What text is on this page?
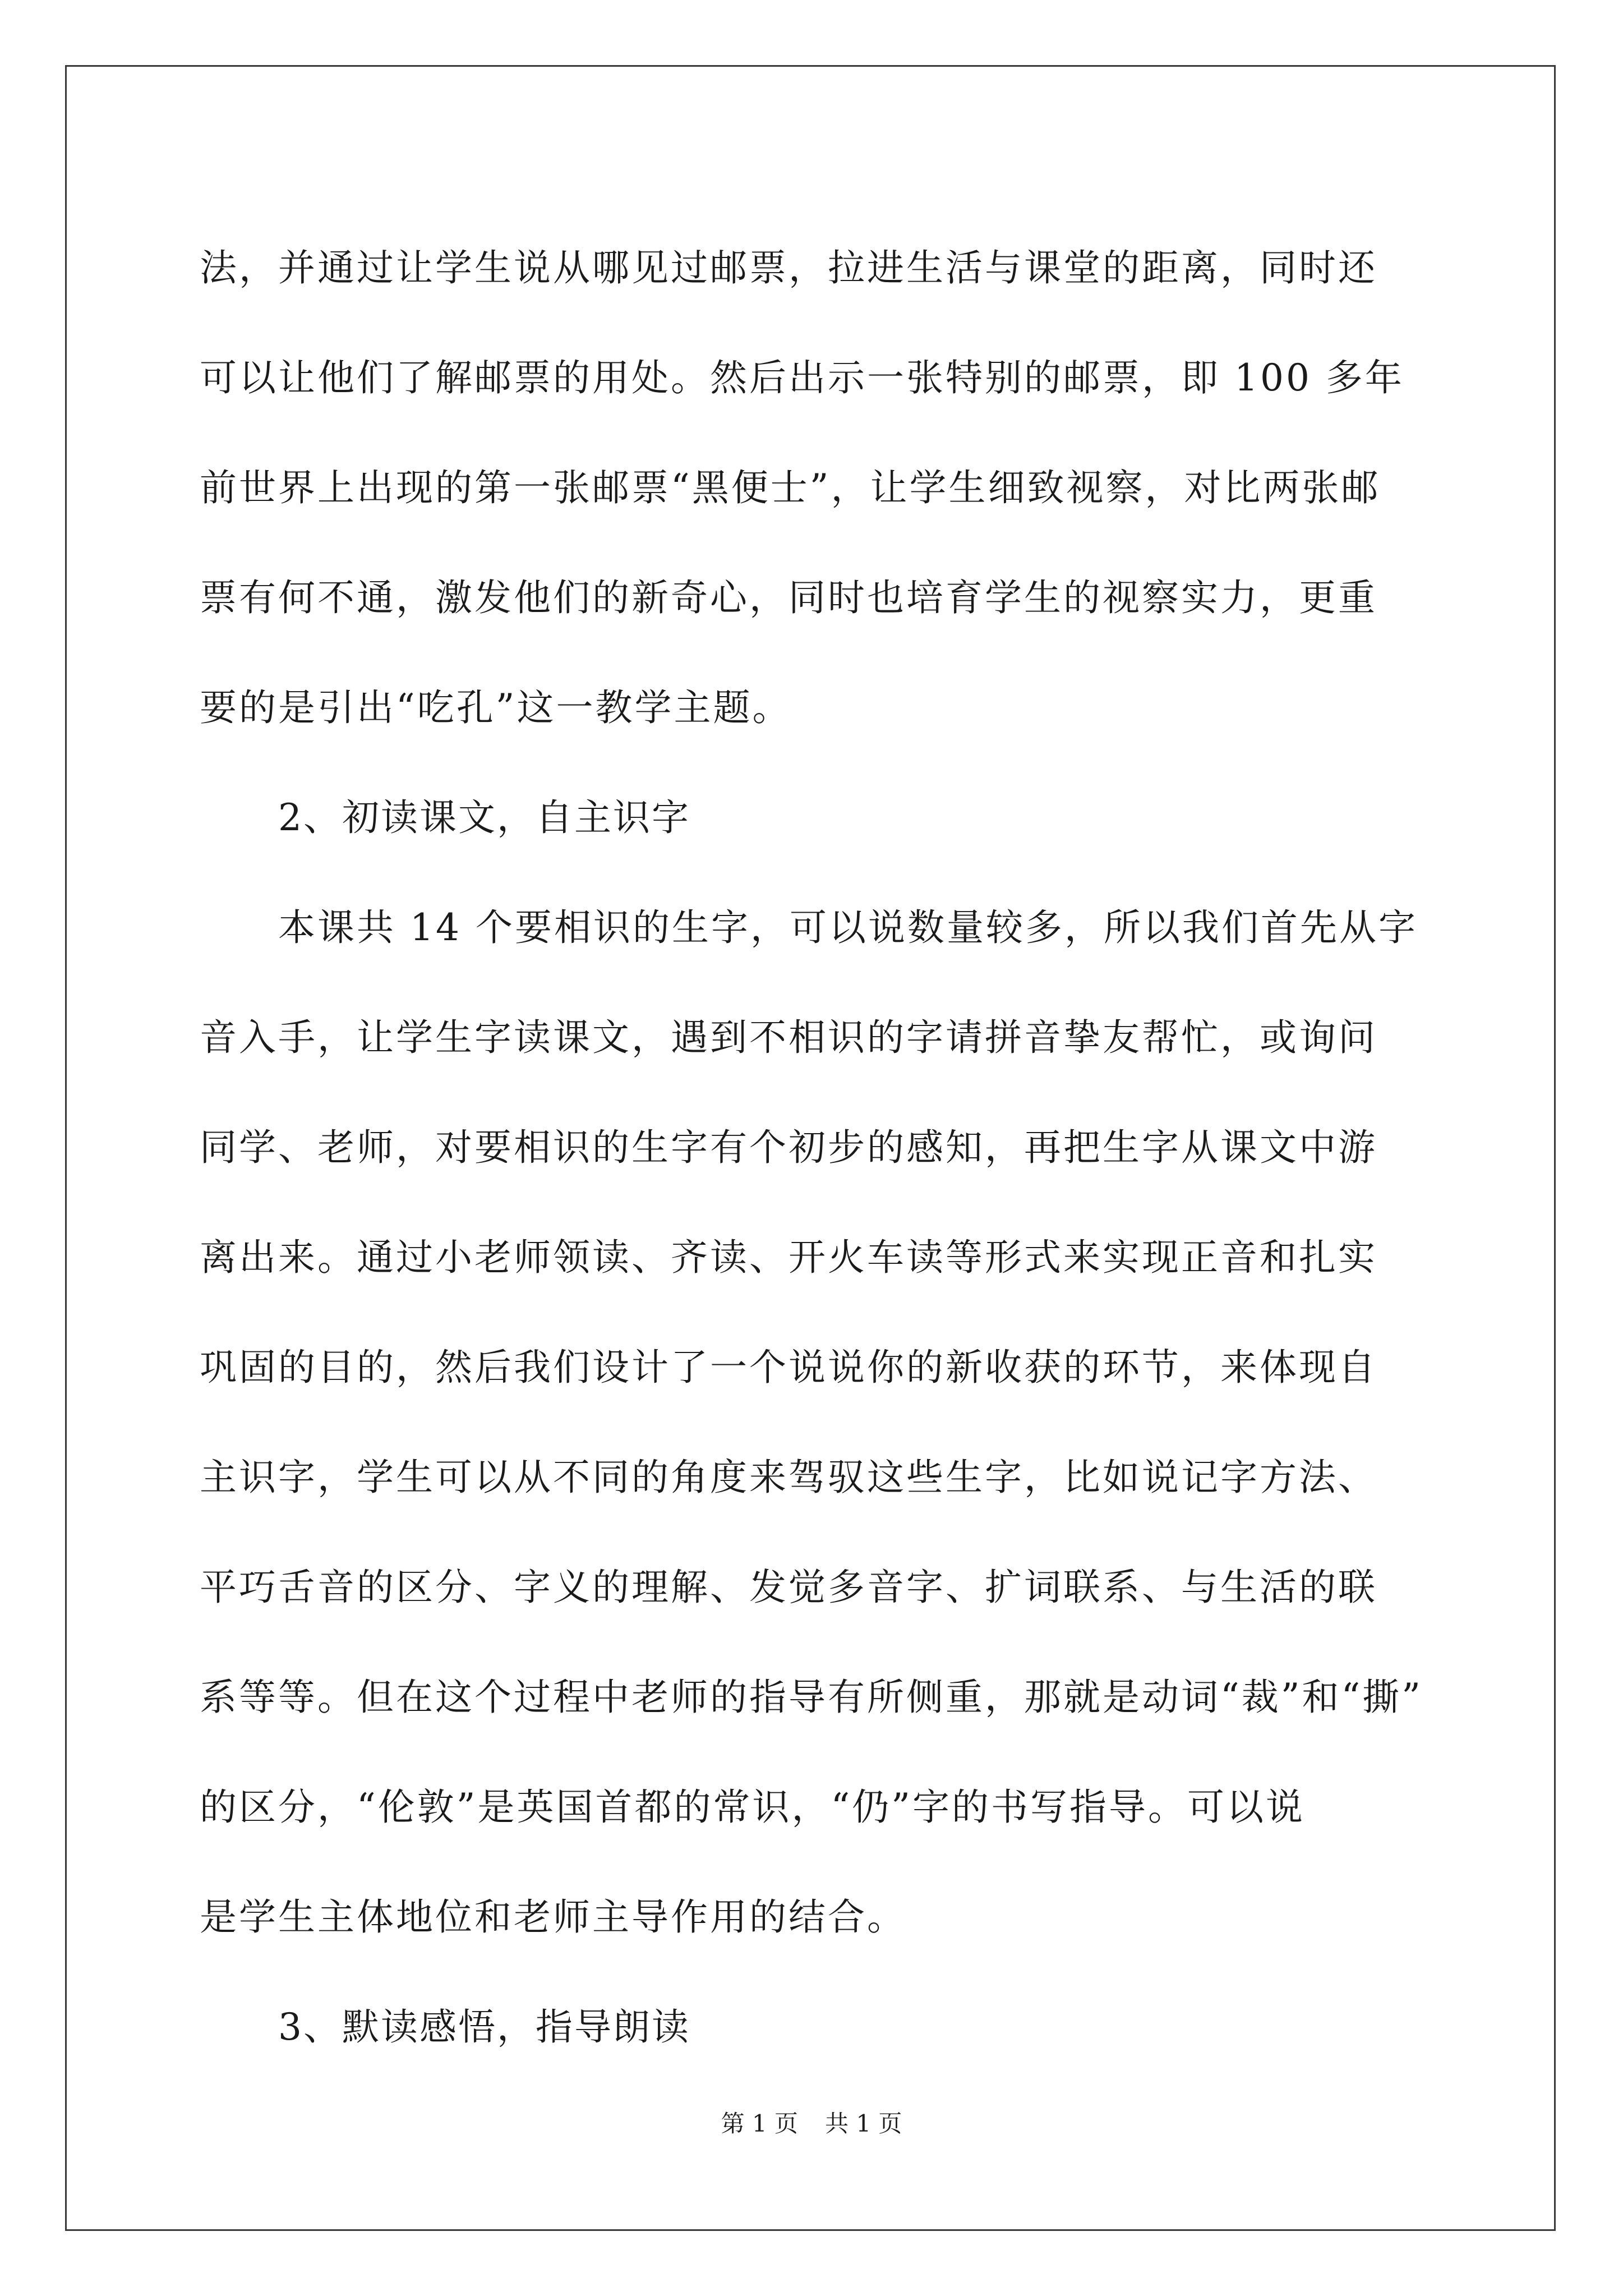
法，并通过让学生说从哪见过邮票，拉进生活与课堂的距离，同时还
可以让他们了解邮票的用处。然后出示一张特别的邮票，即 100 多年
前世界上出现的第一张邮票“黑便士”，让学生细致视察，对比两张邮
票有何不通，激发他们的新奇心，同时也培育学生的视察实力，更重
要的是引出“吃孔”这一教学主题。
2、初读课文，自主识字
本课共 14 个要相识的生字，可以说数量较多，所以我们首先从字
音入手，让学生字读课文，遇到不相识的字请拼音挚友帮忙，或询问
同学、老师，对要相识的生字有个初步的感知，再把生字从课文中游
离出来。通过小老师领读、齐读、开火车读等形式来实现正音和扎实
巩固的目的，然后我们设计了一个说说你的新收获的环节，来体现自
主识字，学生可以从不同的角度来驾驭这些生字，比如说记字方法、
平巧舌音的区分、字义的理解、发觉多音字、扩词联系、与生活的联
系等等。但在这个过程中老师的指导有所侧重，那就是动词“裁”和“撕”
的区分，“伦敦”是英国首都的常识，“仍”字的书写指导。可以说
是学生主体地位和老师主导作用的结合。
3、默读感悟，指导朗读
第 1 页 共 1 页
